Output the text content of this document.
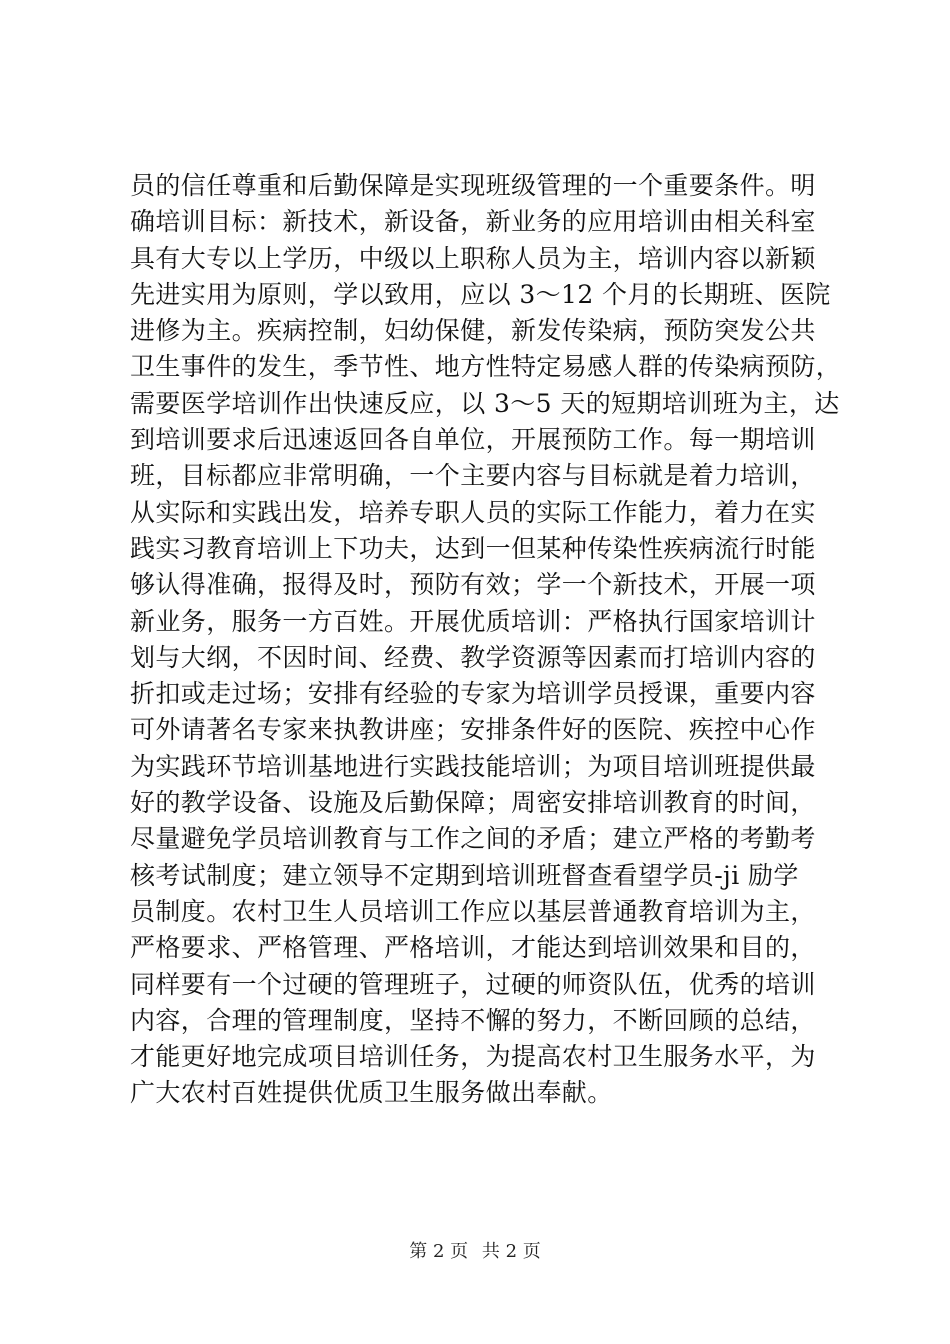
员的信任尊重和后勤保障是实现班级管理的一个重要条件。明
确培训目标：新技术，新设备，新业务的应用培训由相关科室
具有大专以上学历，中级以上职称人员为主，培训内容以新颖
先进实用为原则，学以致用，应以 3～12 个月的长期班、医院
进修为主。疾病控制，妇幼保健，新发传染病，预防突发公共
卫生事件的发生，季节性、地方性特定易感人群的传染病预防，
需要医学培训作出快速反应，以 3～5 天的短期培训班为主，达
到培训要求后迅速返回各自单位，开展预防工作。每一期培训
班，目标都应非常明确，一个主要内容与目标就是着力培训，
从实际和实践出发，培养专职人员的实际工作能力，着力在实
践实习教育培训上下功夫，达到一但某种传染性疾病流行时能
够认得准确，报得及时，预防有效；学一个新技术，开展一项
新业务，服务一方百姓。开展优质培训：严格执行国家培训计
划与大纲，不因时间、经费、教学资源等因素而打培训内容的
折扣或走过场；安排有经验的专家为培训学员授课，重要内容
可外请著名专家来执教讲座；安排条件好的医院、疾控中心作
为实践环节培训基地进行实践技能培训；为项目培训班提供最
好的教学设备、设施及后勤保障；周密安排培训教育的时间，
尽量避免学员培训教育与工作之间的矛盾；建立严格的考勤考
核考试制度；建立领导不定期到培训班督查看望学员-ji 励学
员制度。农村卫生人员培训工作应以基层普通教育培训为主，
严格要求、严格管理、严格培训，才能达到培训效果和目的，
同样要有一个过硬的管理班子，过硬的师资队伍，优秀的培训
内容，合理的管理制度，坚持不懈的努力，不断回顾的总结，
才能更好地完成项目培训任务，为提高农村卫生服务水平，为
广大农村百姓提供优质卫生服务做出奉献。
第 2 页 共 2 页
